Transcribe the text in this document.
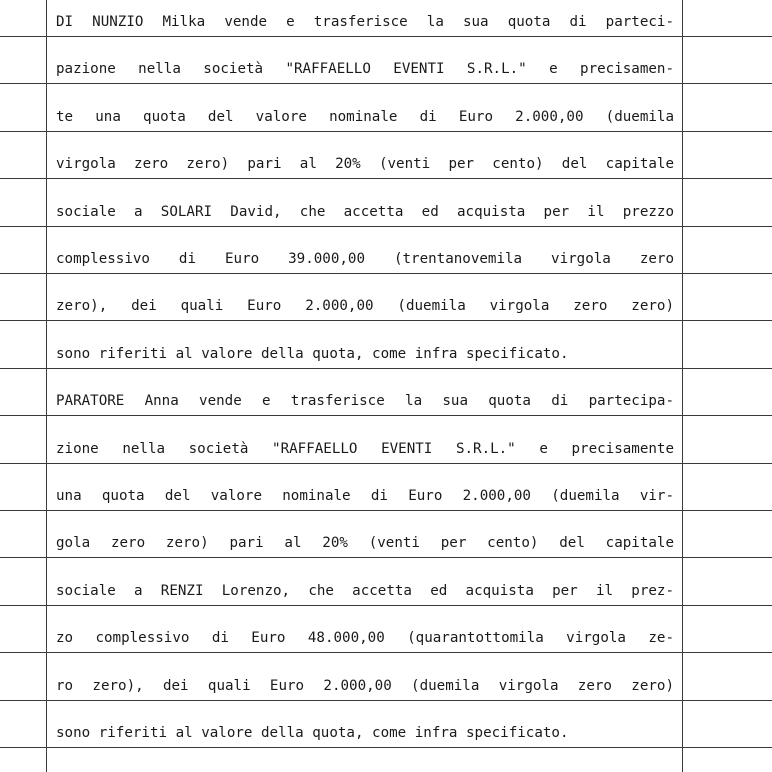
DI NUNZIO Milka vende e trasferisce la sua quota di parteci-
pazione nella società "RAFFAELLO EVENTI S.R.L." e precisamen-
te una quota del valore nominale di Euro 2.000,00 (duemila
virgola zero zero) pari al 20% (venti per cento) del capitale
sociale a SOLARI David, che accetta ed acquista per il prezzo
complessivo di Euro 39.000,00 (trentanovemila virgola zero
zero), dei quali Euro 2.000,00 (duemila virgola zero zero)
sono riferiti al valore della quota, come infra specificato.
PARATORE Anna vende e trasferisce la sua quota di partecipa-
zione nella società "RAFFAELLO EVENTI S.R.L." e precisamente
una quota del valore nominale di Euro 2.000,00 (duemila vir-
gola zero zero) pari al 20% (venti per cento) del capitale
sociale a RENZI Lorenzo, che accetta ed acquista per il prez-
zo complessivo di Euro 48.000,00 (quarantottomila virgola ze-
ro zero), dei quali Euro 2.000,00 (duemila virgola zero zero)
sono riferiti al valore della quota, come infra specificato.
